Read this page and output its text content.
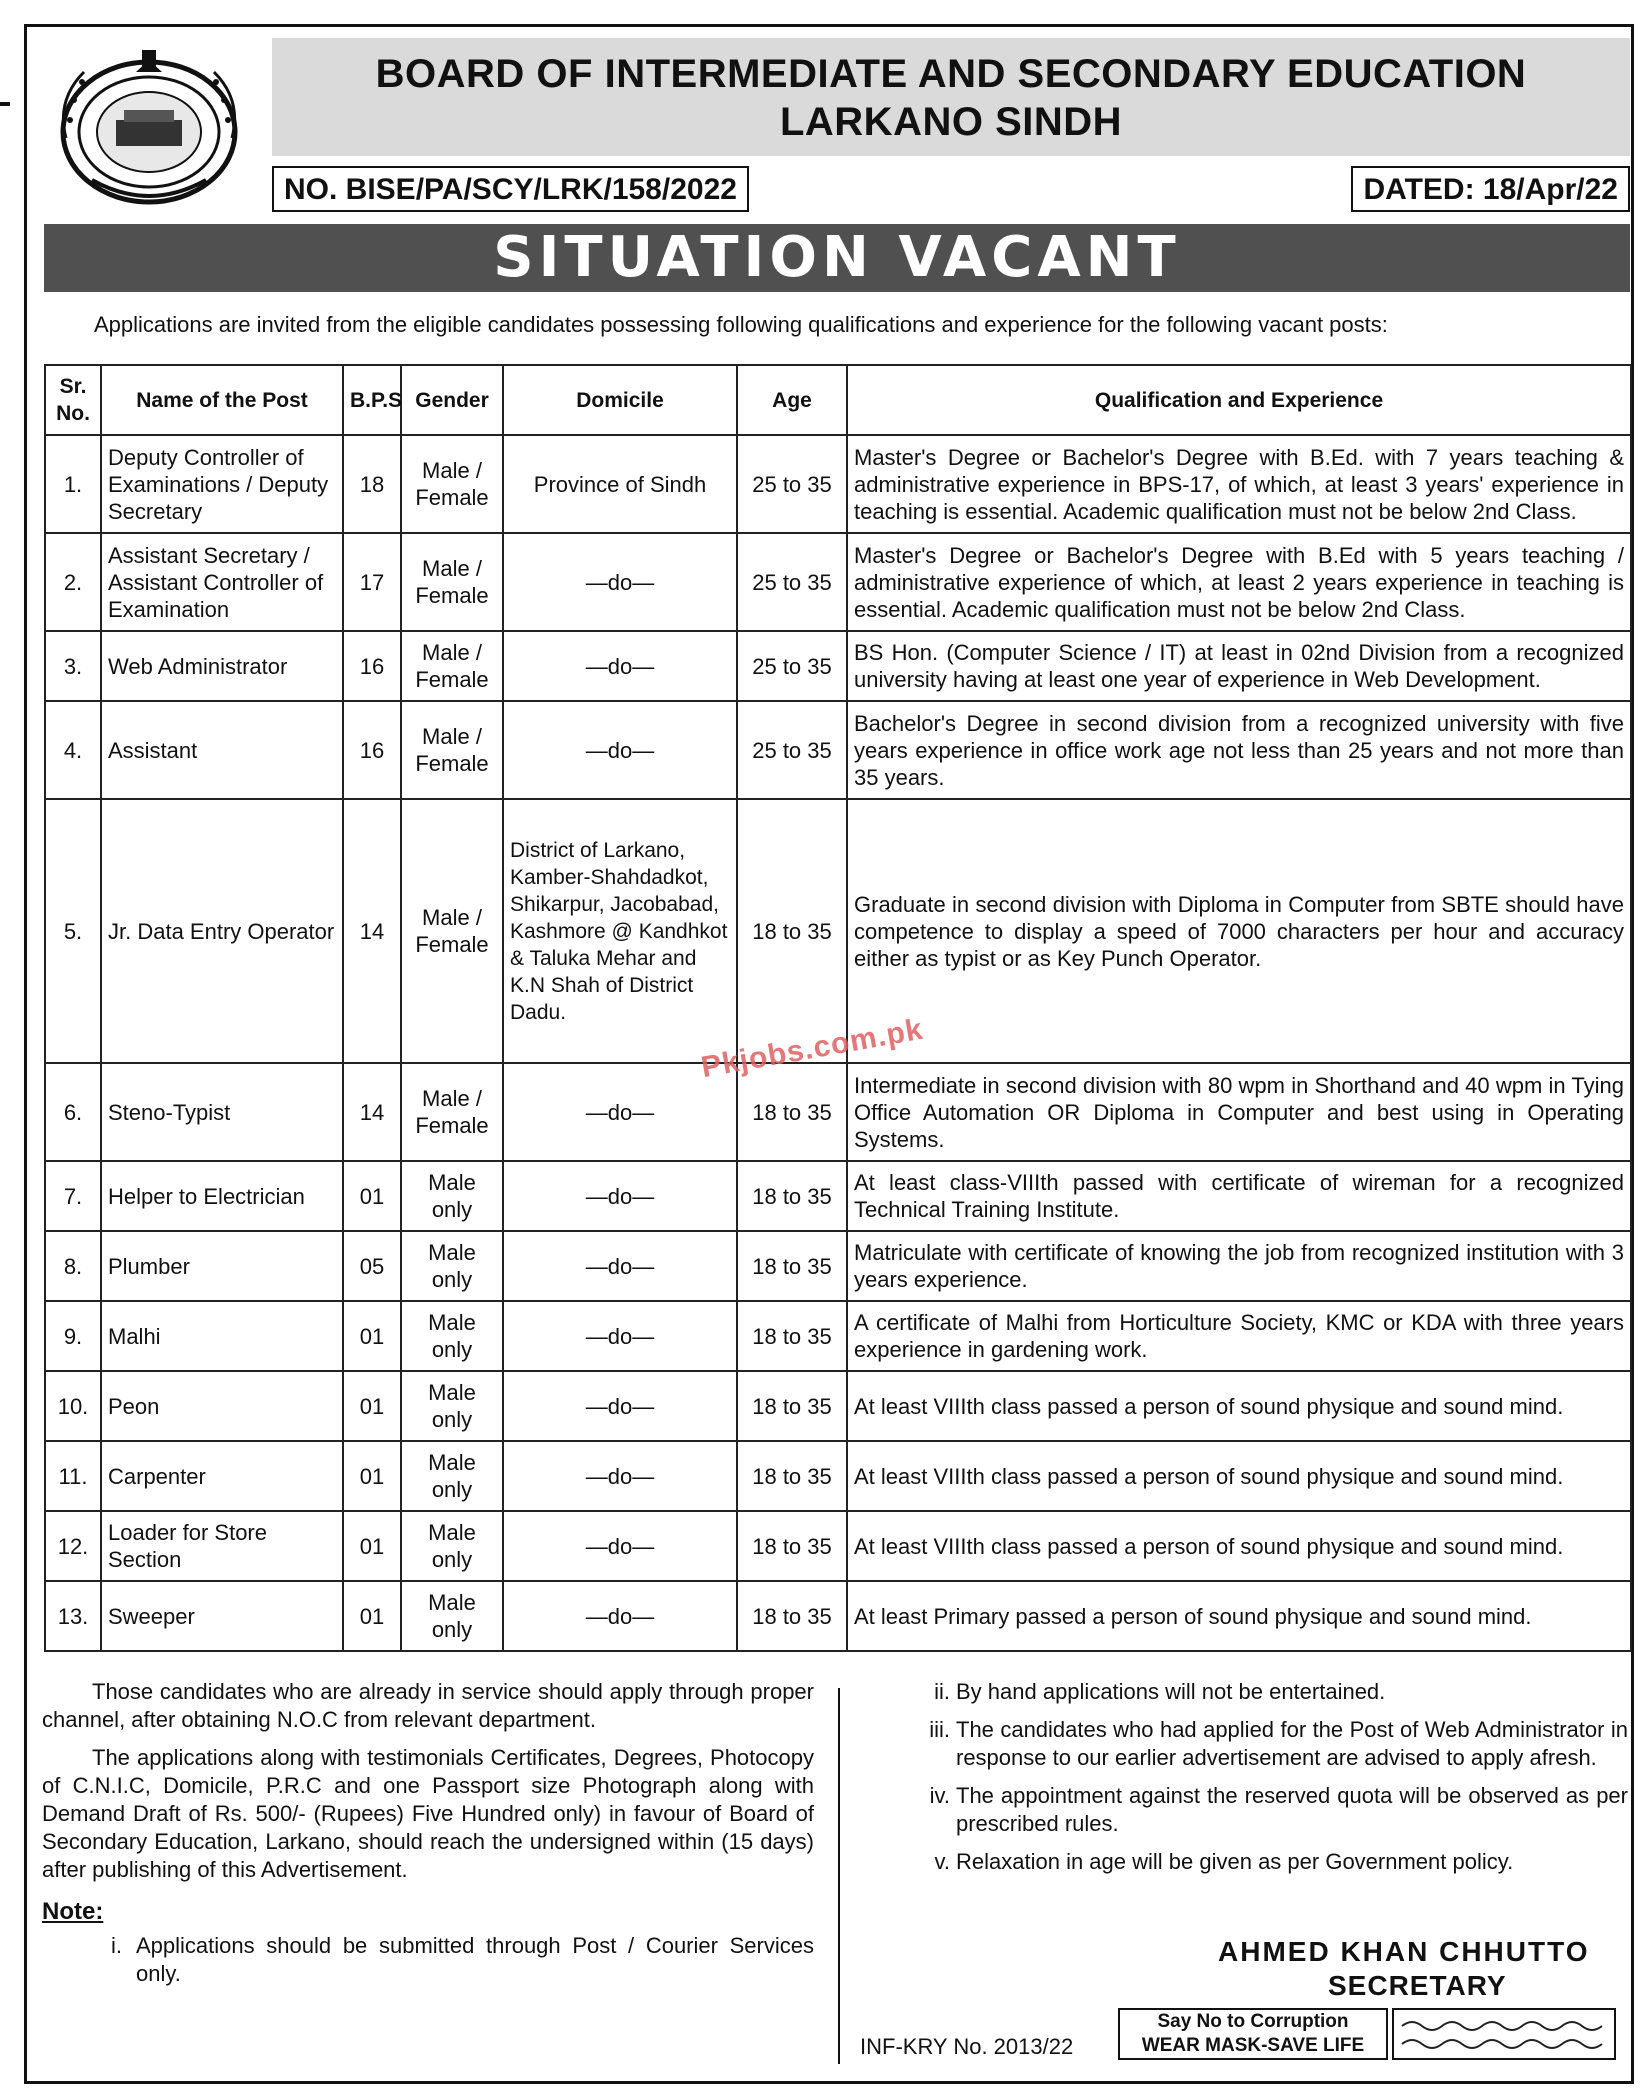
BOARD OF INTERMEDIATE AND SECONDARY EDUCATION
LARKANO SINDH
NO. BISE/PA/SCY/LRK/158/2022	DATED: 18/Apr/22
SITUATION VACANT
Applications are invited from the eligible candidates possessing following qualifications and experience for the following vacant posts:
Sr. No.	Name of the Post	B.P.S	Gender	Domicile	Age	Qualification and Experience
1.	Deputy Controller of Examinations / Deputy Secretary	18	Male / Female	Province of Sindh	25 to 35	Master's Degree or Bachelor's Degree with B.Ed. with 7 years teaching & administrative experience in BPS-17, of which, at least 3 years' experience in teaching is essential. Academic qualification must not be below 2nd Class.
2.	Assistant Secretary / Assistant Controller of Examination	17	Male / Female	—do—	25 to 35	Master's Degree or Bachelor's Degree with B.Ed with 5 years teaching / administrative experience of which, at least 2 years experience in teaching is essential. Academic qualification must not be below 2nd Class.
3.	Web Administrator	16	Male / Female	—do—	25 to 35	BS Hon. (Computer Science / IT) at least in 02nd Division from a recognized university having at least one year of experience in Web Development.
4.	Assistant	16	Male / Female	—do—	25 to 35	Bachelor's Degree in second division from a recognized university with five years experience in office work age not less than 25 years and not more than 35 years.
5.	Jr. Data Entry Operator	14	Male / Female	District of Larkano, Kamber-Shahdadkot, Shikarpur, Jacobabad, Kashmore @ Kandhkot & Taluka Mehar and K.N Shah of District Dadu.	18 to 35	Graduate in second division with Diploma in Computer from SBTE should have competence to display a speed of 7000 characters per hour and accuracy either as typist or as Key Punch Operator.
6.	Steno-Typist	14	Male / Female	—do—	18 to 35	Intermediate in second division with 80 wpm in Shorthand and 40 wpm in Tying Office Automation OR Diploma in Computer and best using in Operating Systems.
7.	Helper to Electrician	01	Male only	—do—	18 to 35	At least class-VIIIth passed with certificate of wireman for a recognized Technical Training Institute.
8.	Plumber	05	Male only	—do—	18 to 35	Matriculate with certificate of knowing the job from recognized institution with 3 years experience.
9.	Malhi	01	Male only	—do—	18 to 35	A certificate of Malhi from Horticulture Society, KMC or KDA with three years experience in gardening work.
10.	Peon	01	Male only	—do—	18 to 35	At least VIIIth class passed a person of sound physique and sound mind.
11.	Carpenter	01	Male only	—do—	18 to 35	At least VIIIth class passed a person of sound physique and sound mind.
12.	Loader for Store Section	01	Male only	—do—	18 to 35	At least VIIIth class passed a person of sound physique and sound mind.
13.	Sweeper	01	Male only	—do—	18 to 35	At least Primary passed a person of sound physique and sound mind.
Pkjobs.com.pk

Those candidates who are already in service should apply through proper channel, after obtaining N.O.C from relevant department.

The applications along with testimonials Certificates, Degrees, Photocopy of C.N.I.C, Domicile, P.R.C and one Passport size Photograph along with Demand Draft of Rs. 500/- (Rupees) Five Hundred only) in favour of Board of Secondary Education, Larkano, should reach the undersigned within (15 days) after publishing of this Advertisement.

Note:
i. Applications should be submitted through Post / Courier Services only.
ii. By hand applications will not be entertained.
iii. The candidates who had applied for the Post of Web Administrator in response to our earlier advertisement are advised to apply afresh.
iv. The appointment against the reserved quota will be observed as per prescribed rules.
v. Relaxation in age will be given as per Government policy.
AHMED KHAN CHHUTTO
SECRETARY
Say No to Corruption
WEAR MASK-SAVE LIFE
INF-KRY No. 2013/22
